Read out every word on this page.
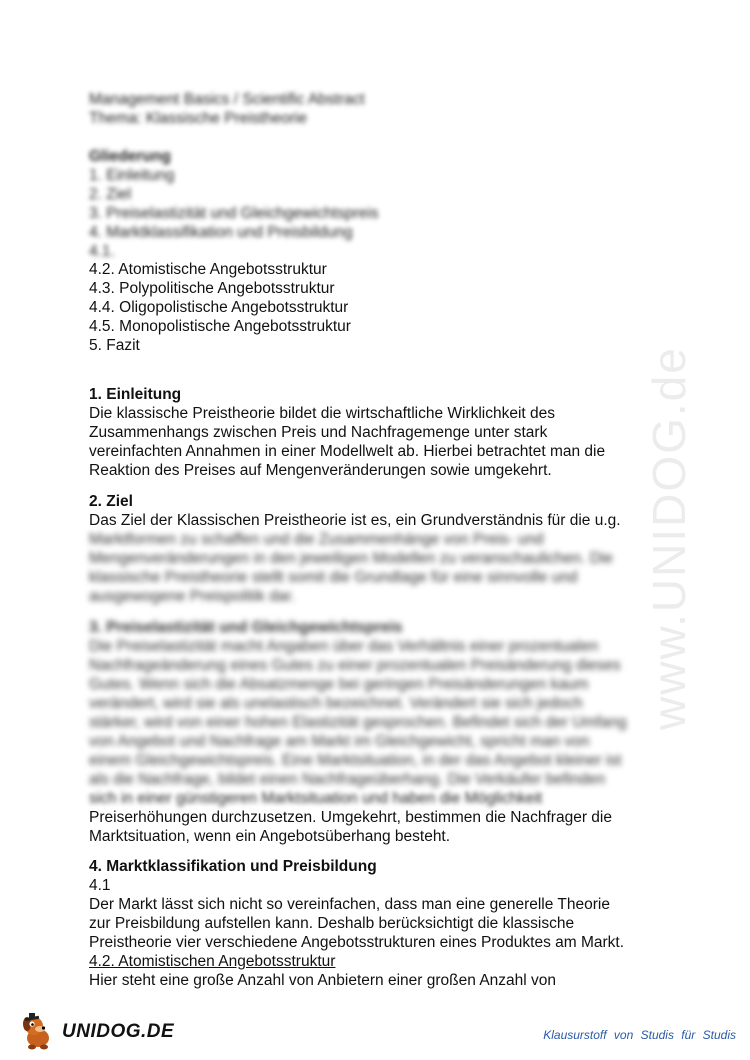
www.UNIDOG.de
Management Basics / Scientific Abstract
Thema: Klassische Preistheorie
Gliederung
1. Einleitung
2. Ziel
3. Preiselastizität und Gleichgewichtspreis
4. Marktklassifikation und Preisbildung
4.1.
4.2. Atomistische Angebotsstruktur
4.3. Polypolitische Angebotsstruktur
4.4. Oligopolistische Angebotsstruktur
4.5. Monopolistische Angebotsstruktur
5. Fazit
1. Einleitung
Die klassische Preistheorie bildet die wirtschaftliche Wirklichkeit des
Zusammenhangs zwischen Preis und Nachfragemenge unter stark
vereinfachten Annahmen in einer Modellwelt ab. Hierbei betrachtet man die
Reaktion des Preises auf Mengenveränderungen sowie umgekehrt.
2. Ziel
Das Ziel der Klassischen Preistheorie ist es, ein Grundverständnis für die u.g.
Marktformen zu schaffen und die Zusammenhänge von Preis- und
Mengenveränderungen in den jeweiligen Modellen zu veranschaulichen. Die
klassische Preistheorie stellt somit die Grundlage für eine sinnvolle und
ausgewogene Preispolitik dar.
3. Preiselastizität und Gleichgewichtspreis
Die Preiselastizität macht Angaben über das Verhältnis einer prozentualen
Nachfrageänderung eines Gutes zu einer prozentualen Preisänderung dieses
Gutes. Wenn sich die Absatzmenge bei geringen Preisänderungen kaum
verändert, wird sie als unelastisch bezeichnet. Verändert sie sich jedoch
stärker, wird von einer hohen Elastizität gesprochen. Befindet sich der Umfang
von Angebot und Nachfrage am Markt im Gleichgewicht, spricht man von
einem Gleichgewichtspreis. Eine Marktsituation, in der das Angebot kleiner ist
als die Nachfrage, bildet einen Nachfrageüberhang. Die Verkäufer befinden
sich in einer günstigeren Marktsituation und haben die Möglichkeit
Preiserhöhungen durchzusetzen. Umgekehrt, bestimmen die Nachfrager die
Marktsituation, wenn ein Angebotsüberhang besteht.
4. Marktklassifikation und Preisbildung
4.1
Der Markt lässt sich nicht so vereinfachen, dass man eine generelle Theorie
zur Preisbildung aufstellen kann. Deshalb berücksichtigt die klassische
Preistheorie vier verschiedene Angebotsstrukturen eines Produktes am Markt.
4.2. Atomistischen Angebotsstruktur
Hier steht eine große Anzahl von Anbietern einer großen Anzahl von
UNIDOG.DE	Klausurstoff von Studis für Studis
